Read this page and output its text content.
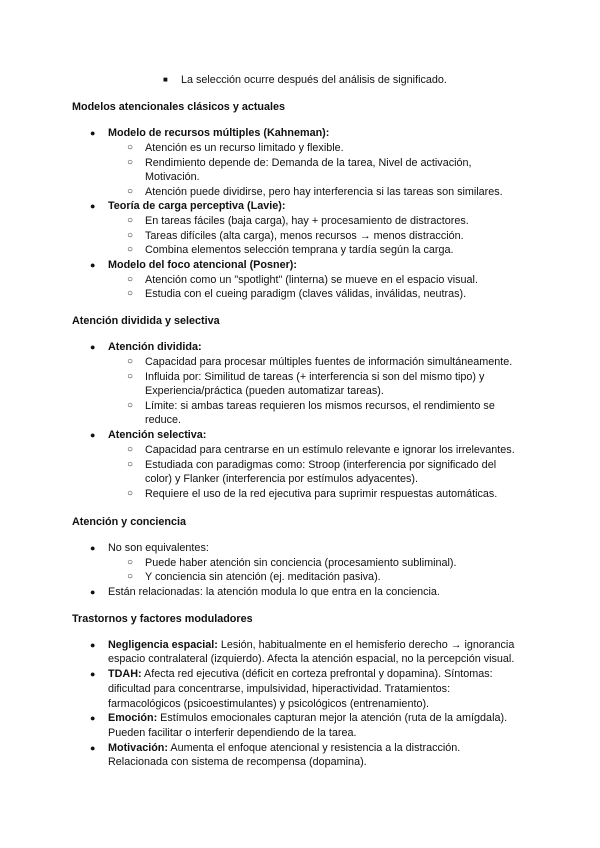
■ La selección ocurre después del análisis de significado.
Modelos atencionales clásicos y actuales
● Modelo de recursos múltiples (Kahneman):
○ Atención es un recurso limitado y flexible.
○ Rendimiento depende de: Demanda de la tarea, Nivel de activación,
Motivación.
○ Atención puede dividirse, pero hay interferencia si las tareas son similares.
● Teoría de carga perceptiva (Lavie):
○ En tareas fáciles (baja carga), hay + procesamiento de distractores.
○ Tareas difíciles (alta carga), menos recursos → menos distracción.
○ Combina elementos selección temprana y tardía según la carga.
● Modelo del foco atencional (Posner):
○ Atención como un "spotlight" (linterna) se mueve en el espacio visual.
○ Estudia con el cueing paradigm (claves válidas, inválidas, neutras).
Atención dividida y selectiva
● Atención dividida:
○ Capacidad para procesar múltiples fuentes de información simultáneamente.
○ Influida por: Similitud de tareas (+ interferencia si son del mismo tipo) y
Experiencia/práctica (pueden automatizar tareas).
○ Límite: si ambas tareas requieren los mismos recursos, el rendimiento se
reduce.
● Atención selectiva:
○ Capacidad para centrarse en un estímulo relevante e ignorar los irrelevantes.
○ Estudiada con paradigmas como: Stroop (interferencia por significado del
color) y Flanker (interferencia por estímulos adyacentes).
○ Requiere el uso de la red ejecutiva para suprimir respuestas automáticas.
Atención y conciencia
● No son equivalentes:
○ Puede haber atención sin conciencia (procesamiento subliminal).
○ Y conciencia sin atención (ej. meditación pasiva).
● Están relacionadas: la atención modula lo que entra en la conciencia.
Trastornos y factores moduladores
● Negligencia espacial: Lesión, habitualmente en el hemisferio derecho → ignorancia
espacio contralateral (izquierdo). Afecta la atención espacial, no la percepción visual.
● TDAH: Afecta red ejecutiva (déficit en corteza prefrontal y dopamina). Síntomas:
dificultad para concentrarse, impulsividad, hiperactividad. Tratamientos:
farmacológicos (psicoestimulantes) y psicológicos (entrenamiento).
● Emoción: Estímulos emocionales capturan mejor la atención (ruta de la amígdala).
Pueden facilitar o interferir dependiendo de la tarea.
● Motivación: Aumenta el enfoque atencional y resistencia a la distracción.
Relacionada con sistema de recompensa (dopamina).
